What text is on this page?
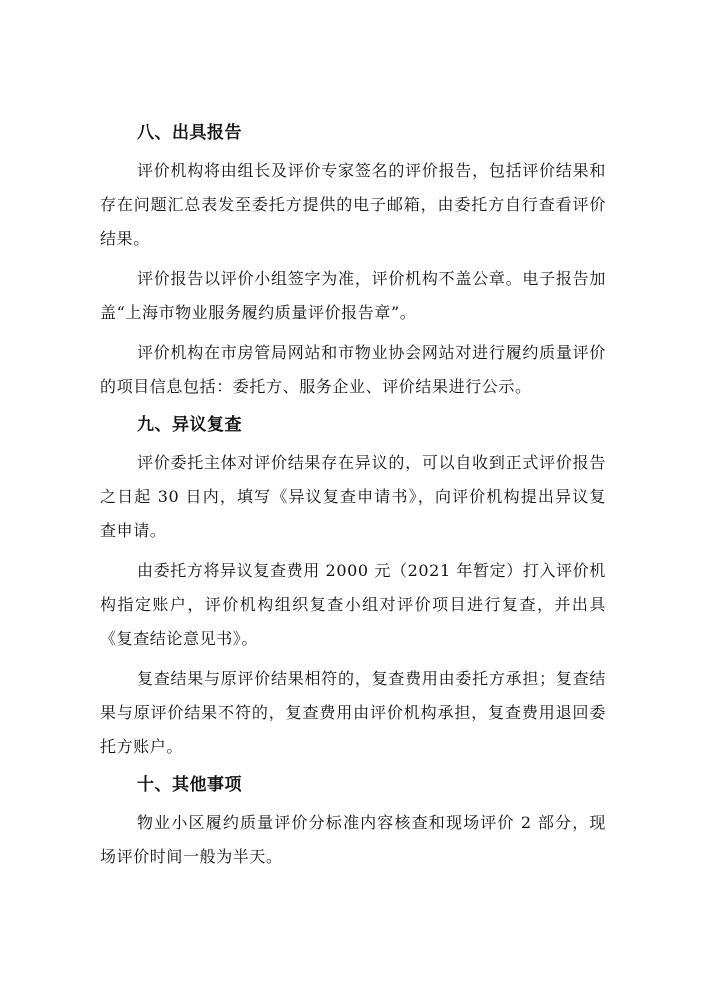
八、出具报告

评价机构将由组长及评价专家签名的评价报告，包括评价结果和存在问题汇总表发至委托方提供的电子邮箱，由委托方自行查看评价结果。

评价报告以评价小组签字为准，评价机构不盖公章。电子报告加盖“上海市物业服务履约质量评价报告章”。

评价机构在市房管局网站和市物业协会网站对进行履约质量评价的项目信息包括：委托方、服务企业、评价结果进行公示。

九、异议复查

评价委托主体对评价结果存在异议的，可以自收到正式评价报告之日起 30 日内，填写《异议复查申请书》，向评价机构提出异议复查申请。

由委托方将异议复查费用 2000 元（2021 年暂定）打入评价机构指定账户，评价机构组织复查小组对评价项目进行复查，并出具《复查结论意见书》。

复查结果与原评价结果相符的，复查费用由委托方承担；复查结果与原评价结果不符的，复查费用由评价机构承担，复查费用退回委托方账户。

十、其他事项

物业小区履约质量评价分标准内容核查和现场评价 2 部分，现场评价时间一般为半天。
